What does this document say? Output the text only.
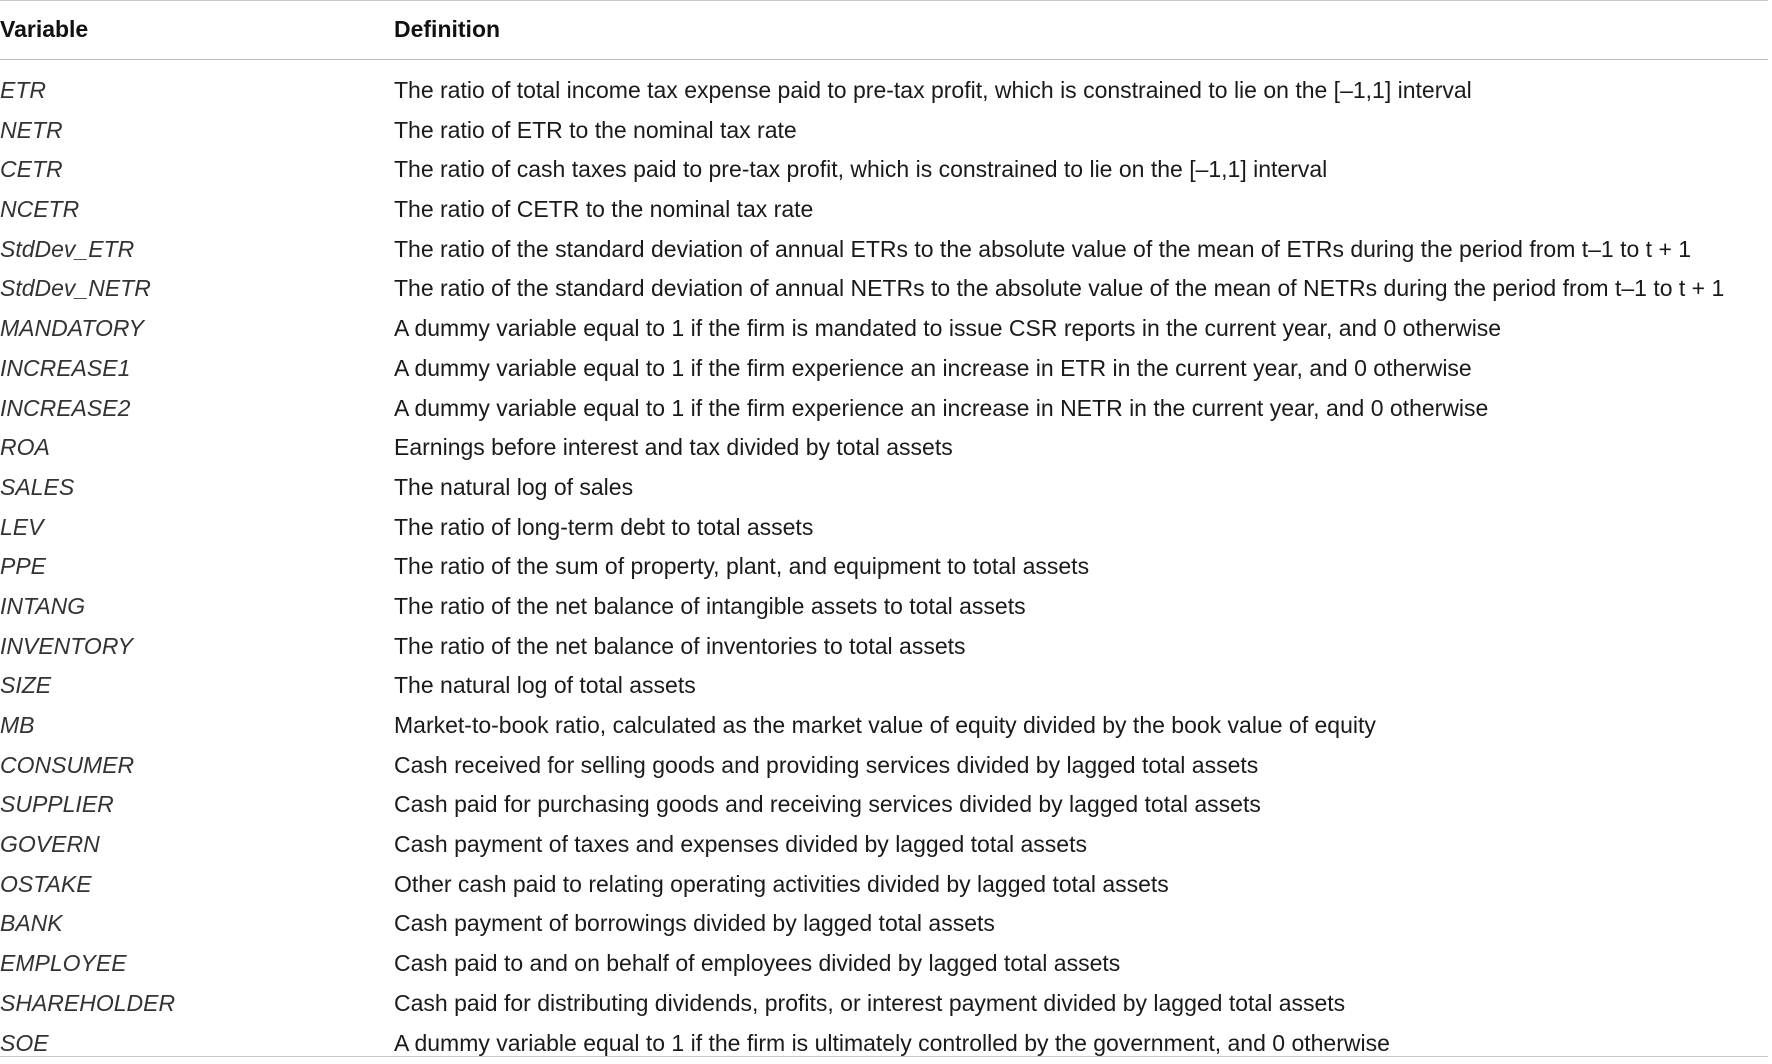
Variable	Definition
ETR	The ratio of total income tax expense paid to pre-tax profit, which is constrained to lie on the [–1,1] interval
NETR	The ratio of ETR to the nominal tax rate
CETR	The ratio of cash taxes paid to pre-tax profit, which is constrained to lie on the [–1,1] interval
NCETR	The ratio of CETR to the nominal tax rate
StdDev_ETR	The ratio of the standard deviation of annual ETRs to the absolute value of the mean of ETRs during the period from t–1 to t + 1
StdDev_NETR	The ratio of the standard deviation of annual NETRs to the absolute value of the mean of NETRs during the period from t–1 to t + 1
MANDATORY	A dummy variable equal to 1 if the firm is mandated to issue CSR reports in the current year, and 0 otherwise
INCREASE1	A dummy variable equal to 1 if the firm experience an increase in ETR in the current year, and 0 otherwise
INCREASE2	A dummy variable equal to 1 if the firm experience an increase in NETR in the current year, and 0 otherwise
ROA	Earnings before interest and tax divided by total assets
SALES	The natural log of sales
LEV	The ratio of long-term debt to total assets
PPE	The ratio of the sum of property, plant, and equipment to total assets
INTANG	The ratio of the net balance of intangible assets to total assets
INVENTORY	The ratio of the net balance of inventories to total assets
SIZE	The natural log of total assets
MB	Market-to-book ratio, calculated as the market value of equity divided by the book value of equity
CONSUMER	Cash received for selling goods and providing services divided by lagged total assets
SUPPLIER	Cash paid for purchasing goods and receiving services divided by lagged total assets
GOVERN	Cash payment of taxes and expenses divided by lagged total assets
OSTAKE	Other cash paid to relating operating activities divided by lagged total assets
BANK	Cash payment of borrowings divided by lagged total assets
EMPLOYEE	Cash paid to and on behalf of employees divided by lagged total assets
SHAREHOLDER	Cash paid for distributing dividends, profits, or interest payment divided by lagged total assets
SOE	A dummy variable equal to 1 if the firm is ultimately controlled by the government, and 0 otherwise
